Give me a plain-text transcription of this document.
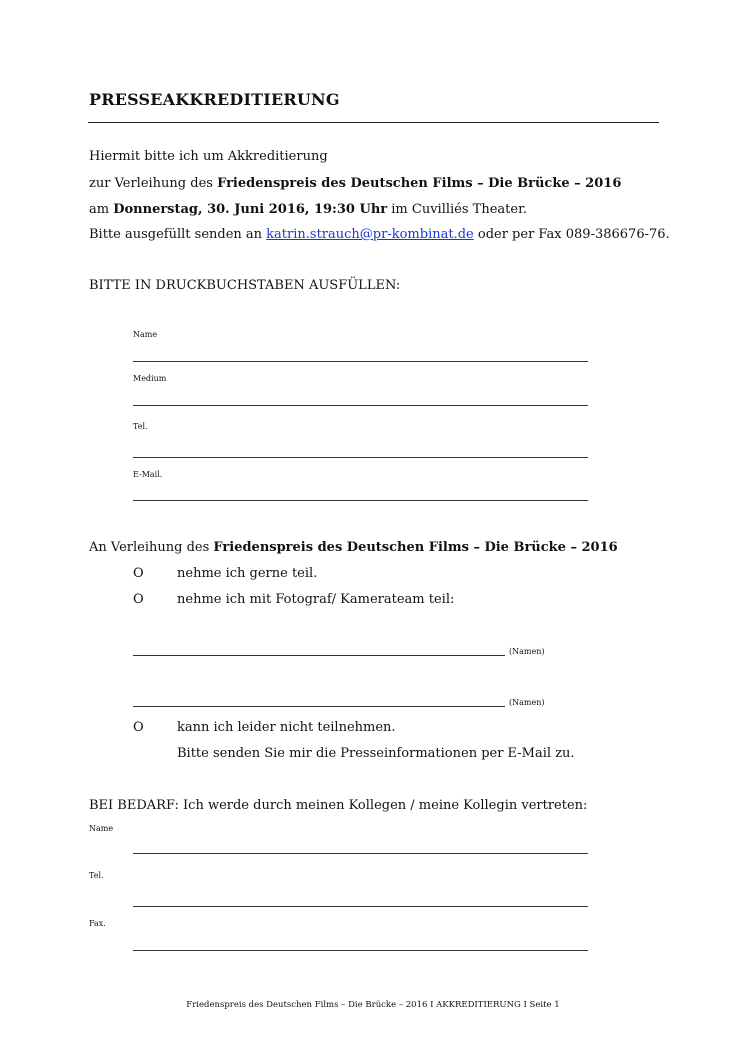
PRESSEAKKREDITIERUNG
Hiermit bitte ich um Akkreditierung
zur Verleihung des Friedenspreis des Deutschen Films – Die Brücke – 2016
am Donnerstag, 30. Juni 2016, 19:30 Uhr im Cuvilliés Theater.
Bitte ausgefüllt senden an katrin.strauch@pr-kombinat.de oder per Fax 089-386676-76.
BITTE IN DRUCKBUCHSTABEN AUSFÜLLEN:
Name
Medium
Tel.
E-Mail.
An Verleihung des Friedenspreis des Deutschen Films – Die Brücke – 2016
O	nehme ich gerne teil.
O	nehme ich mit Fotograf/ Kamerateam teil:
(Namen)
(Namen)
O	kann ich leider nicht teilnehmen.
Bitte senden Sie mir die Presseinformationen per E-Mail zu.
BEI BEDARF: Ich werde durch meinen Kollegen / meine Kollegin vertreten:
Name
Tel.
Fax.
Friedenspreis des Deutschen Films – Die Brücke – 2016 I AKKREDITIERUNG I Seite 1
